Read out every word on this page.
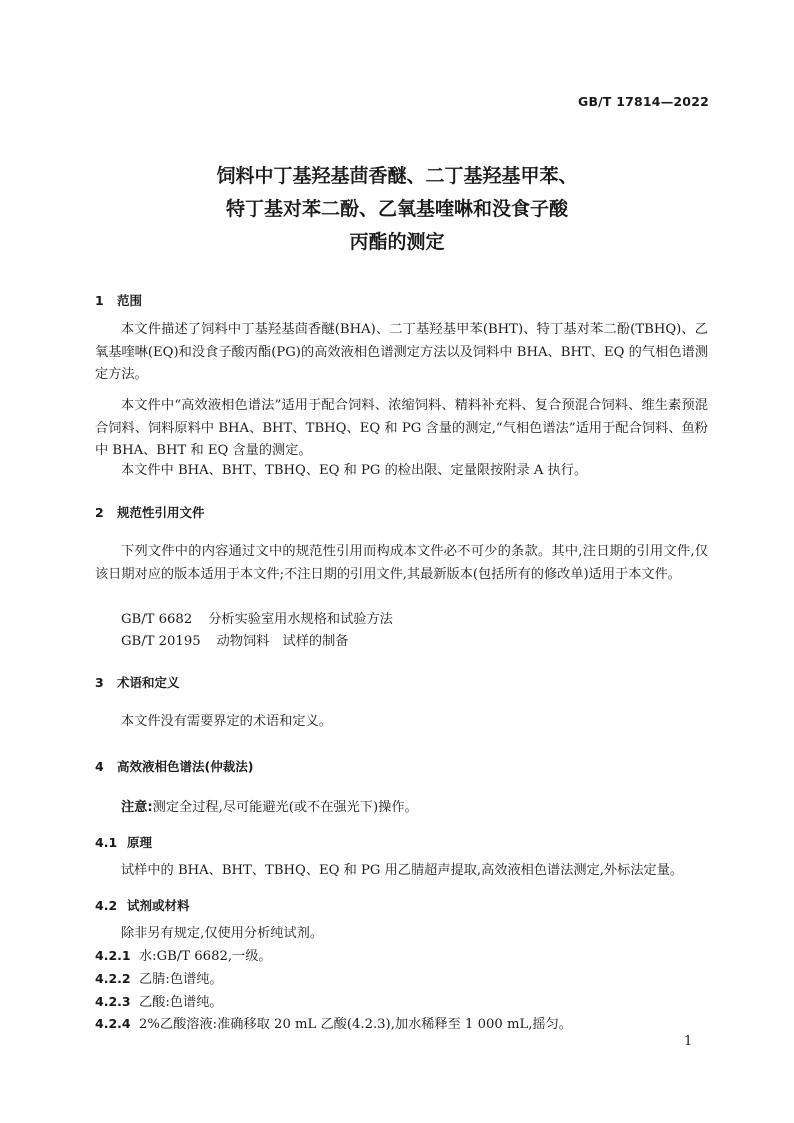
GB/T 17814—2022
饲料中丁基羟基茴香醚、二丁基羟基甲苯、
特丁基对苯二酚、乙氧基喹啉和没食子酸
丙酯的测定
1 范围

本文件描述了饲料中丁基羟基茴香醚(BHA)、二丁基羟基甲苯(BHT)、特丁基对苯二酚(TBHQ)、乙氧基喹啉(EQ)和没食子酸丙酯(PG)的高效液相色谱测定方法以及饲料中 BHA、BHT、EQ 的气相色谱测定方法。

本文件中“高效液相色谱法”适用于配合饲料、浓缩饲料、精料补充料、复合预混合饲料、维生素预混合饲料、饲料原料中 BHA、BHT、TBHQ、EQ 和 PG 含量的测定,“气相色谱法”适用于配合饲料、鱼粉中 BHA、BHT 和 EQ 含量的测定。

本文件中 BHA、BHT、TBHQ、EQ 和 PG 的检出限、定量限按附录 A 执行。

2 规范性引用文件

下列文件中的内容通过文中的规范性引用而构成本文件必不可少的条款。其中,注日期的引用文件,仅该日期对应的版本适用于本文件;不注日期的引用文件,其最新版本(包括所有的修改单)适用于本文件。

GB/T 6682 分析实验室用水规格和试验方法
GB/T 20195 动物饲料　试样的制备
3 术语和定义

本文件没有需要界定的术语和定义。

4 高效液相色谱法(仲裁法)
注意:测定全过程,尽可能避光(或不在强光下)操作。
4.1 原理

试样中的 BHA、BHT、TBHQ、EQ 和 PG 用乙腈超声提取,高效液相色谱法测定,外标法定量。

4.2 试剂或材料

除非另有规定,仅使用分析纯试剂。

4.2.1 水:GB/T 6682,一级。
4.2.2 乙腈:色谱纯。
4.2.3 乙酸:色谱纯。
4.2.4 2%乙酸溶液:准确移取 20 mL 乙酸(4.2.3),加水稀释至 1 000 mL,摇匀。
1
